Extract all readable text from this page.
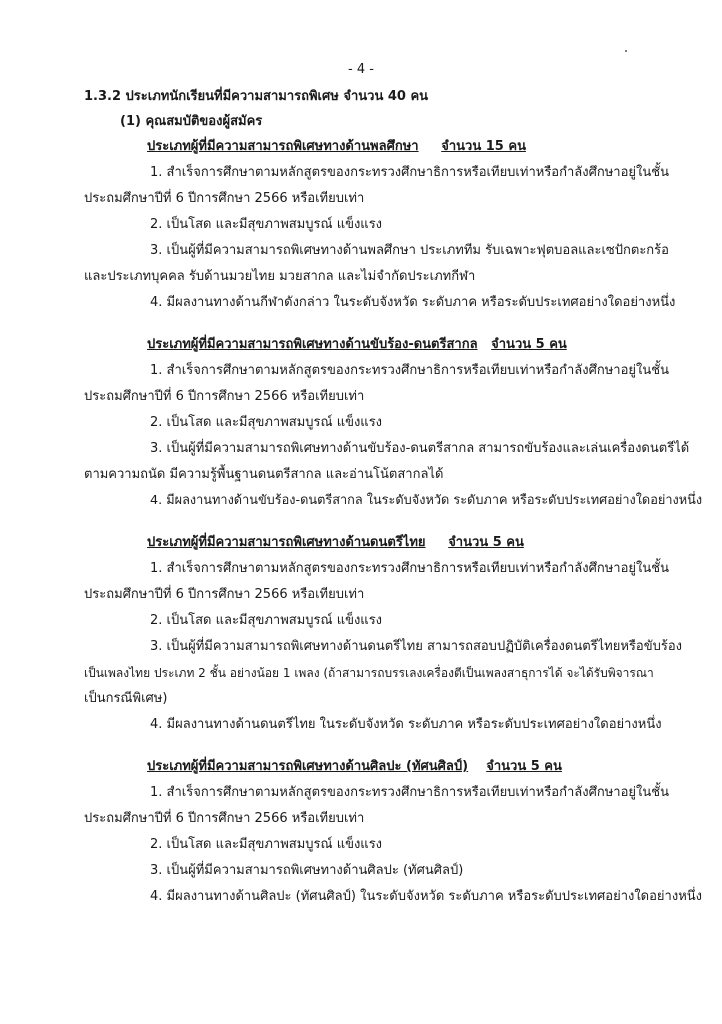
- 4 -
1.3.2 ประเภทนักเรียนที่มีความสามารถพิเศษ จำนวน 40 คน
(1) คุณสมบัติของผู้สมัคร
ประเภทผู้ที่มีความสามารถพิเศษทางด้านพลศึกษา จำนวน 15 คน
1. สำเร็จการศึกษาตามหลักสูตรของกระทรวงศึกษาธิการหรือเทียบเท่าหรือกำลังศึกษาอยู่ในชั้น
ประถมศึกษาปีที่ 6 ปีการศึกษา 2566 หรือเทียบเท่า
2. เป็นโสด และมีสุขภาพสมบูรณ์ แข็งแรง
3. เป็นผู้ที่มีความสามารถพิเศษทางด้านพลศึกษา ประเภททีม รับเฉพาะฟุตบอลและเซปักตะกร้อ
และประเภทบุคคล รับด้านมวยไทย มวยสากล และไม่จำกัดประเภทกีฬา
4. มีผลงานทางด้านกีฬาดังกล่าว ในระดับจังหวัด ระดับภาค หรือระดับประเทศอย่างใดอย่างหนึ่ง
ประเภทผู้ที่มีความสามารถพิเศษทางด้านขับร้อง-ดนตรีสากล จำนวน 5 คน
1. สำเร็จการศึกษาตามหลักสูตรของกระทรวงศึกษาธิการหรือเทียบเท่าหรือกำลังศึกษาอยู่ในชั้น
ประถมศึกษาปีที่ 6 ปีการศึกษา 2566 หรือเทียบเท่า
2. เป็นโสด และมีสุขภาพสมบูรณ์ แข็งแรง
3. เป็นผู้ที่มีความสามารถพิเศษทางด้านขับร้อง-ดนตรีสากล สามารถขับร้องและเล่นเครื่องดนตรีได้
ตามความถนัด มีความรู้พื้นฐานดนตรีสากล และอ่านโน้ตสากลได้
4. มีผลงานทางด้านขับร้อง-ดนตรีสากล ในระดับจังหวัด ระดับภาค หรือระดับประเทศอย่างใดอย่างหนึ่ง
ประเภทผู้ที่มีความสามารถพิเศษทางด้านดนตรีไทย จำนวน 5 คน
1. สำเร็จการศึกษาตามหลักสูตรของกระทรวงศึกษาธิการหรือเทียบเท่าหรือกำลังศึกษาอยู่ในชั้น
ประถมศึกษาปีที่ 6 ปีการศึกษา 2566 หรือเทียบเท่า
2. เป็นโสด และมีสุขภาพสมบูรณ์ แข็งแรง
3. เป็นผู้ที่มีความสามารถพิเศษทางด้านดนตรีไทย สามารถสอบปฏิบัติเครื่องดนตรีไทยหรือขับร้อง
เป็นเพลงไทย ประเภท 2 ชั้น อย่างน้อย 1 เพลง (ถ้าสามารถบรรเลงเครื่องตีเป็นเพลงสาธุการได้ จะได้รับพิจารณา
เป็นกรณีพิเศษ)
4. มีผลงานทางด้านดนตรีไทย ในระดับจังหวัด ระดับภาค หรือระดับประเทศอย่างใดอย่างหนึ่ง
ประเภทผู้ที่มีความสามารถพิเศษทางด้านศิลปะ (ทัศนศิลป์) จำนวน 5 คน
1. สำเร็จการศึกษาตามหลักสูตรของกระทรวงศึกษาธิการหรือเทียบเท่าหรือกำลังศึกษาอยู่ในชั้น
ประถมศึกษาปีที่ 6 ปีการศึกษา 2566 หรือเทียบเท่า
2. เป็นโสด และมีสุขภาพสมบูรณ์ แข็งแรง
3. เป็นผู้ที่มีความสามารถพิเศษทางด้านศิลปะ (ทัศนศิลป์)
4. มีผลงานทางด้านศิลปะ (ทัศนศิลป์) ในระดับจังหวัด ระดับภาค หรือระดับประเทศอย่างใดอย่างหนึ่ง
